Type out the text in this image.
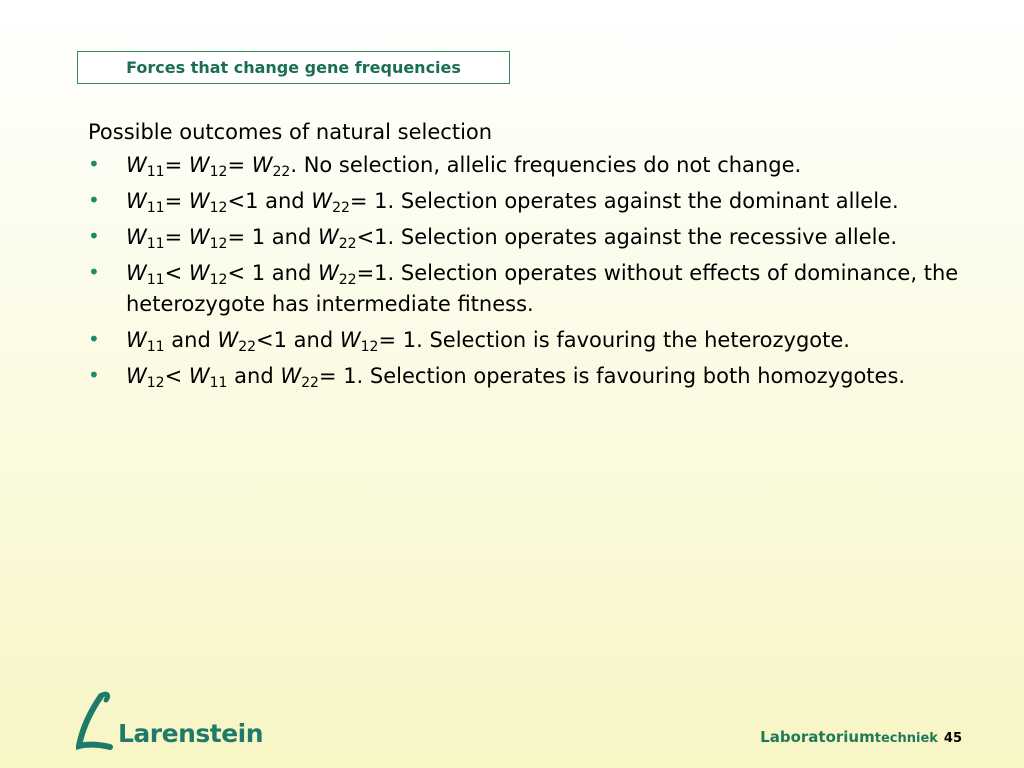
Forces that change gene frequencies

Possible outcomes of natural selection

• $W_{11}= W_{12}= W_{22}$. No selection, allelic frequencies do not change.
• $W_{11}= W_{12}<1$ and $W_{22}= 1$. Selection operates against the dominant allele.
• $W_{11}= W_{12}= 1$ and $W_{22}<1$. Selection operates against the recessive allele.
• $W_{11}< W_{12}< 1$ and $W_{22}=1$. Selection operates without effects of dominance, the heterozygote has intermediate fitness.
• $W_{11}$ and $W_{22}<1$ and $W_{12}= 1$. Selection is favouring the heterozygote.
• $W_{12}< W_{11}$ and $W_{22}= 1$. Selection operates is favouring both homozygotes.
Larenstein	Laboratoriumtechniek 45
